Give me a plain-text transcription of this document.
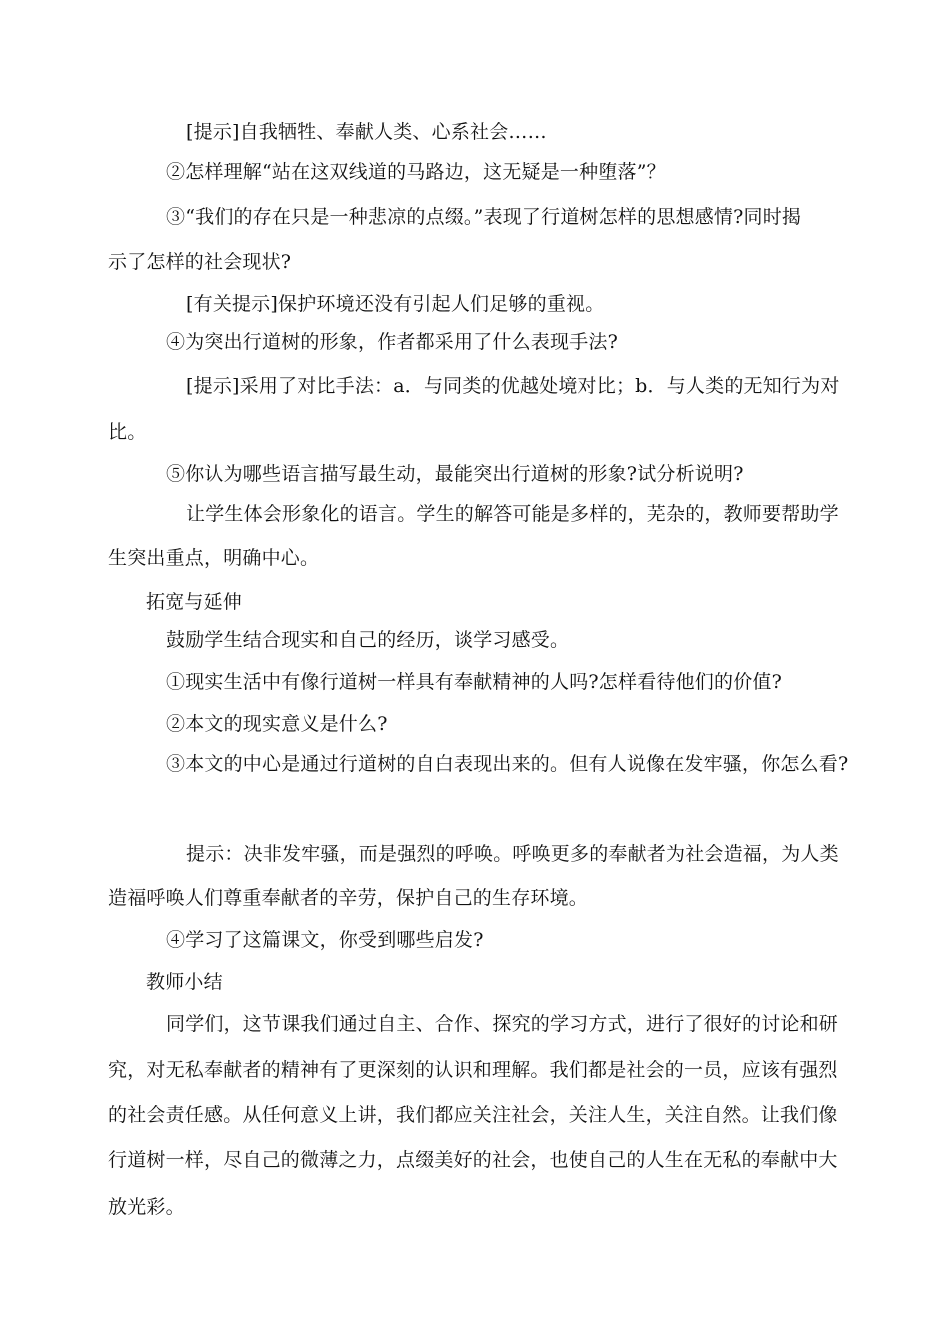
[提示]自我牺牲、奉献人类、心系社会……
②怎样理解“站在这双线道的马路边，这无疑是一种堕落”？
③“我们的存在只是一种悲凉的点缀。”表现了行道树怎样的思想感情?同时揭
示了怎样的社会现状?
[有关提示]保护环境还没有引起人们足够的重视。
④为突出行道树的形象，作者都采用了什么表现手法?
[提示]采用了对比手法：a．与同类的优越处境对比；b．与人类的无知行为对
比。
⑤你认为哪些语言描写最生动，最能突出行道树的形象?试分析说明?
让学生体会形象化的语言。学生的解答可能是多样的，芜杂的，教师要帮助学
生突出重点，明确中心。
拓宽与延伸
鼓励学生结合现实和自己的经历，谈学习感受。
①现实生活中有像行道树一样具有奉献精神的人吗?怎样看待他们的价值?
②本文的现实意义是什么?
③本文的中心是通过行道树的自白表现出来的。但有人说像在发牢骚，你怎么看?
提示：决非发牢骚，而是强烈的呼唤。呼唤更多的奉献者为社会造福，为人类
造福呼唤人们尊重奉献者的辛劳，保护自己的生存环境。
④学习了这篇课文，你受到哪些启发?
教师小结
同学们，这节课我们通过自主、合作、探究的学习方式，进行了很好的讨论和研
究，对无私奉献者的精神有了更深刻的认识和理解。我们都是社会的一员，应该有强烈
的社会责任感。从任何意义上讲，我们都应关注社会，关注人生，关注自然。让我们像
行道树一样，尽自己的微薄之力，点缀美好的社会，也使自己的人生在无私的奉献中大
放光彩。
